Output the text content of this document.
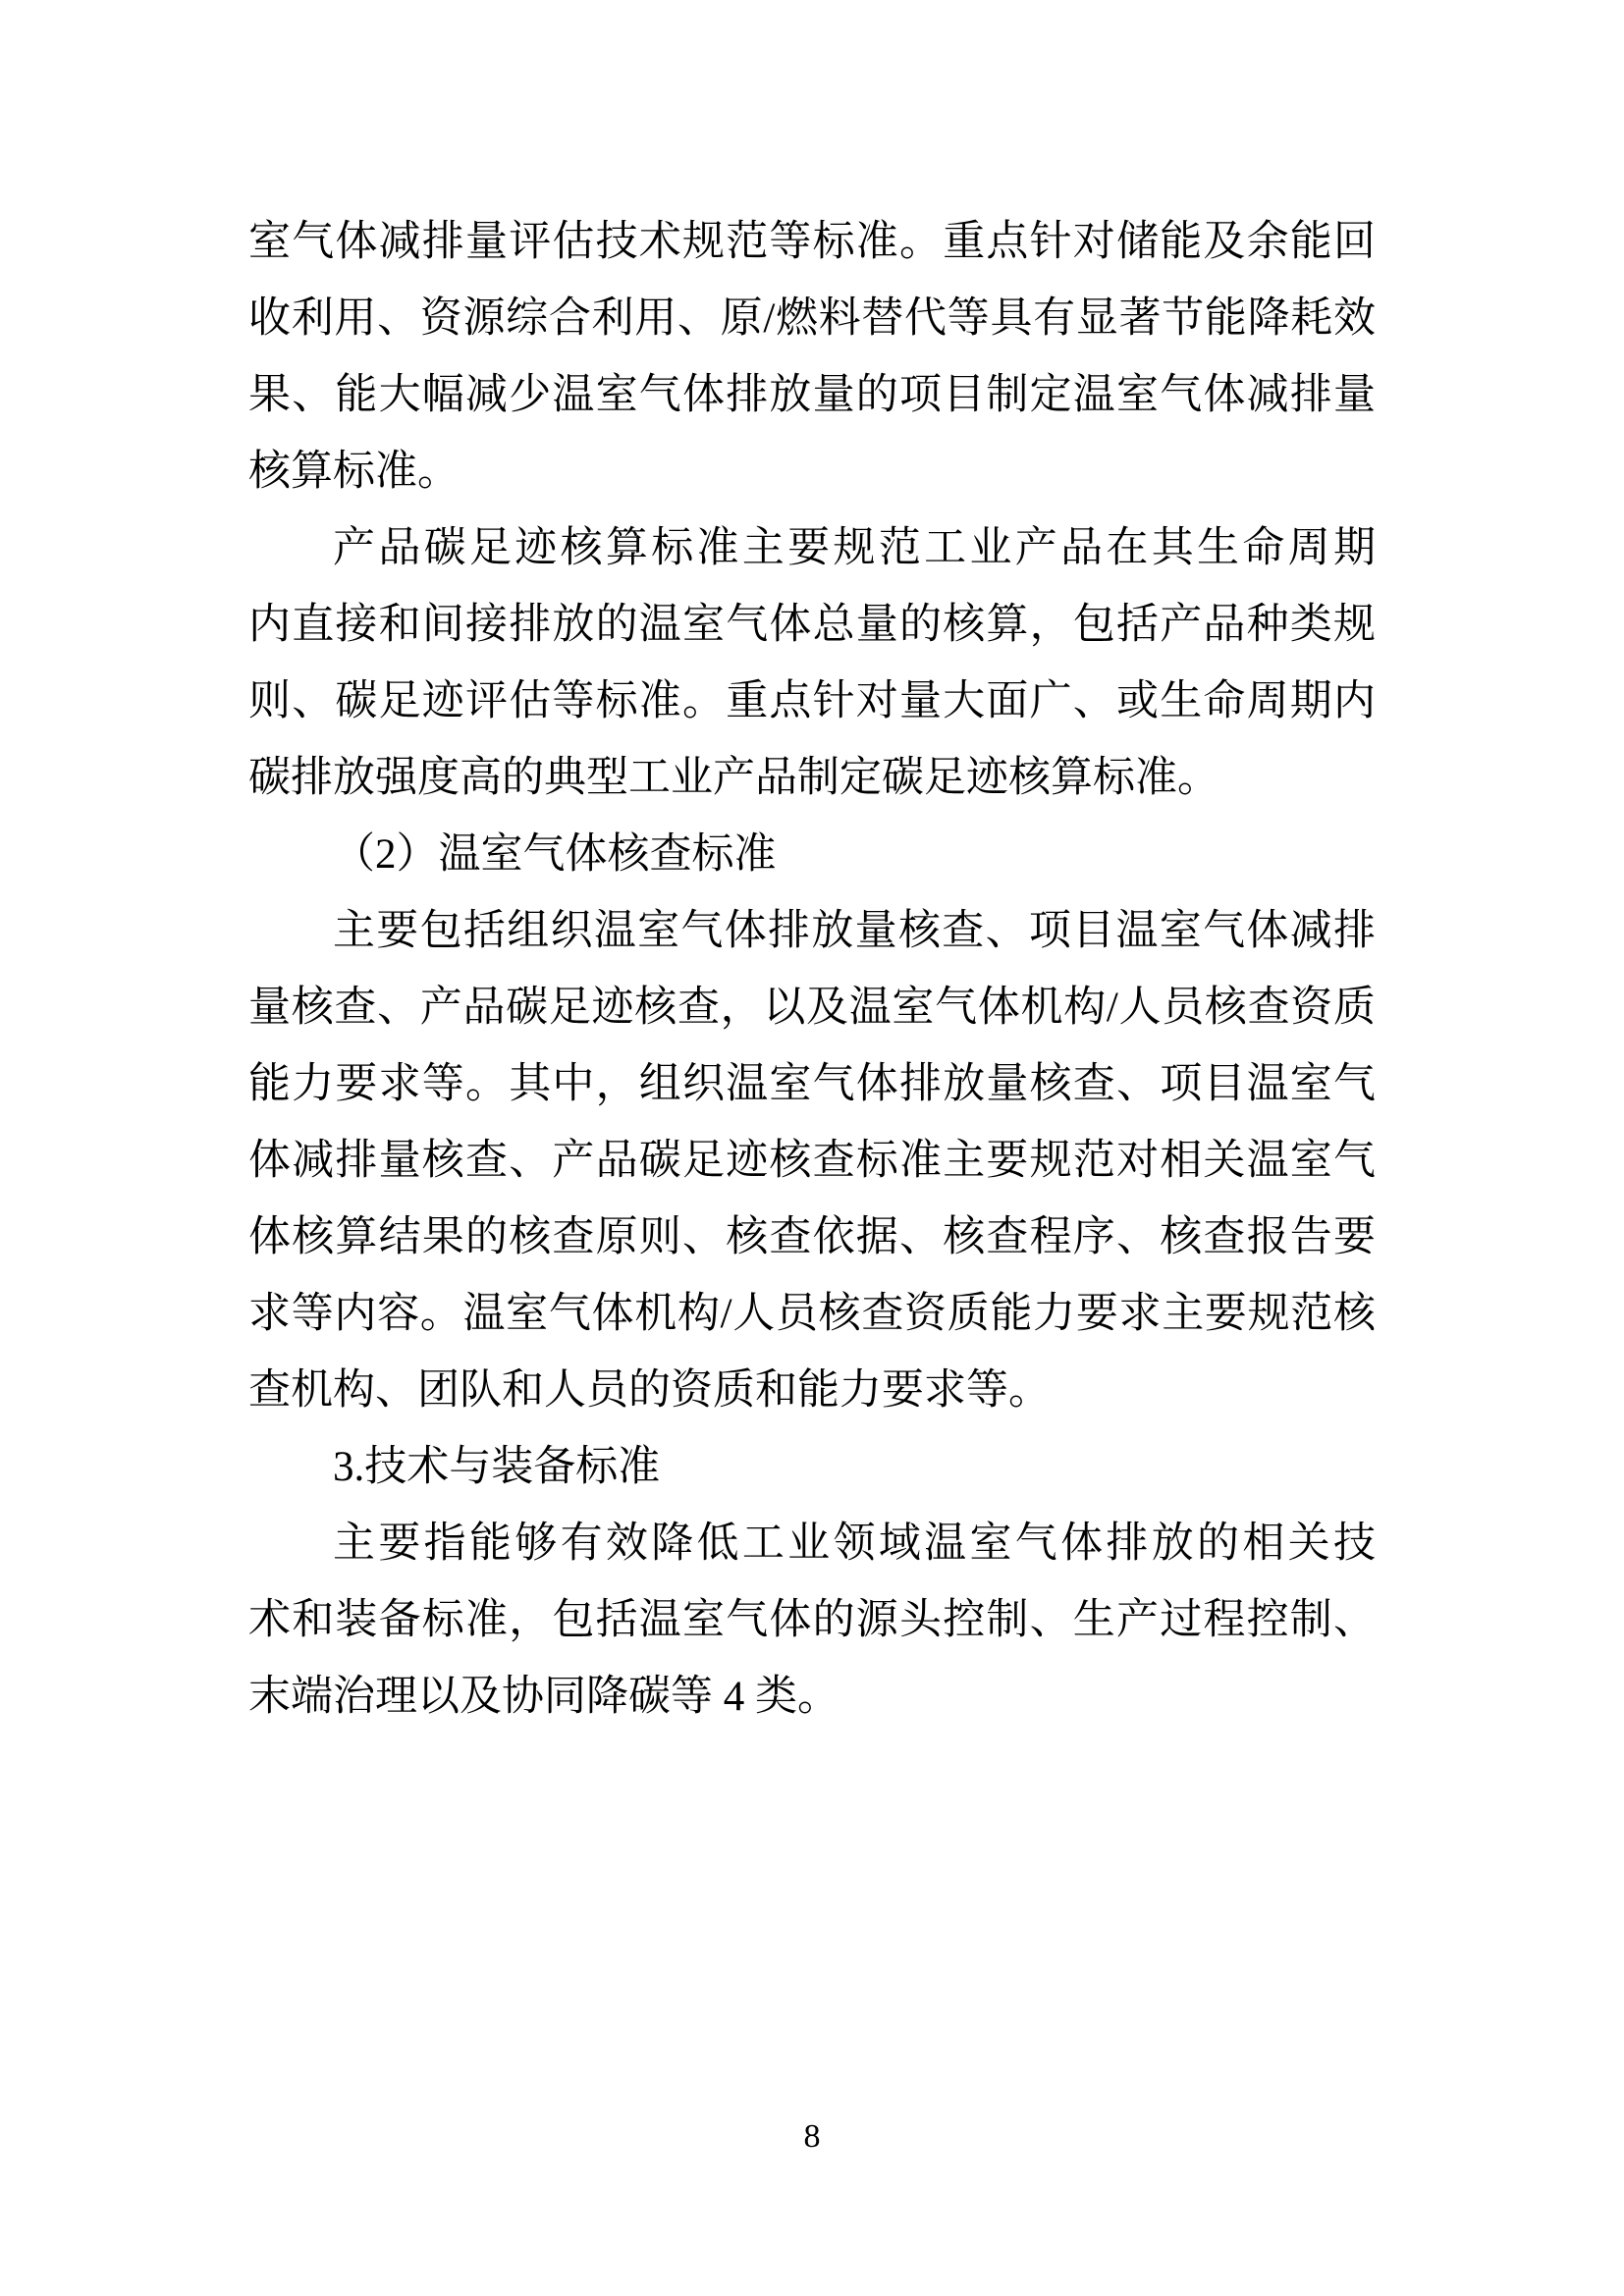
室气体减排量评估技术规范等标准。重点针对储能及余能回
收利用、资源综合利用、原/燃料替代等具有显著节能降耗效
果、能大幅减少温室气体排放量的项目制定温室气体减排量
核算标准。
产品碳足迹核算标准主要规范工业产品在其生命周期
内直接和间接排放的温室气体总量的核算，包括产品种类规
则、碳足迹评估等标准。重点针对量大面广、或生命周期内
碳排放强度高的典型工业产品制定碳足迹核算标准。
（2）温室气体核查标准
主要包括组织温室气体排放量核查、项目温室气体减排
量核查、产品碳足迹核查，以及温室气体机构/人员核查资质
能力要求等。其中，组织温室气体排放量核查、项目温室气
体减排量核查、产品碳足迹核查标准主要规范对相关温室气
体核算结果的核查原则、核查依据、核查程序、核查报告要
求等内容。温室气体机构/人员核查资质能力要求主要规范核
查机构、团队和人员的资质和能力要求等。
3.技术与装备标准
主要指能够有效降低工业领域温室气体排放的相关技
术和装备标准，包括温室气体的源头控制、生产过程控制、
末端治理以及协同降碳等 4 类。
8
